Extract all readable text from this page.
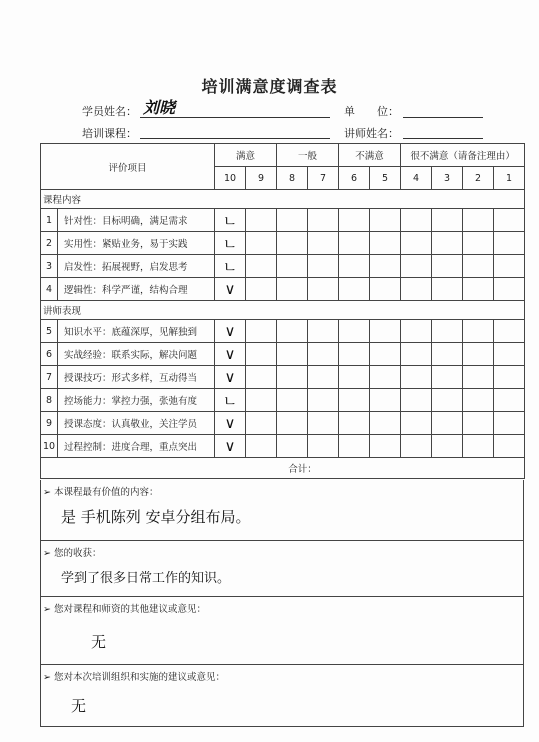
培训满意度调查表
学员姓名： 刘晓	单　　位：
培训课程：	讲师姓名：
评价项目		满意		一般		不满意		很不满意（请备注理由）			
		10	9	8	7	6	5	4	3	2	1
课程内容											
1	针对性：目标明确，满足需求	ㄴ									
2	实用性：紧贴业务，易于实践	ㄴ									
3	启发性：拓展视野，启发思考	ㄴ									
4	逻辑性：科学严谨，结构合理	∨									
讲师表现											
5	知识水平：底蕴深厚，见解独到	∨									
6	实战经验：联系实际，解决问题	∨									
7	授课技巧：形式多样，互动得当	∨									
8	控场能力：掌控力强，张弛有度	ㄴ									
9	授课态度：认真敬业，关注学员	∨									
10	过程控制：进度合理，重点突出	∨									
合计：											
➢ 本课程最有价值的内容：
是 手机陈列 安卓分组布局。
➢ 您的收获：
学到了很多日常工作的知识。
➢ 您对课程和师资的其他建议或意见：
无
➢ 您对本次培训组织和实施的建议或意见：
无
